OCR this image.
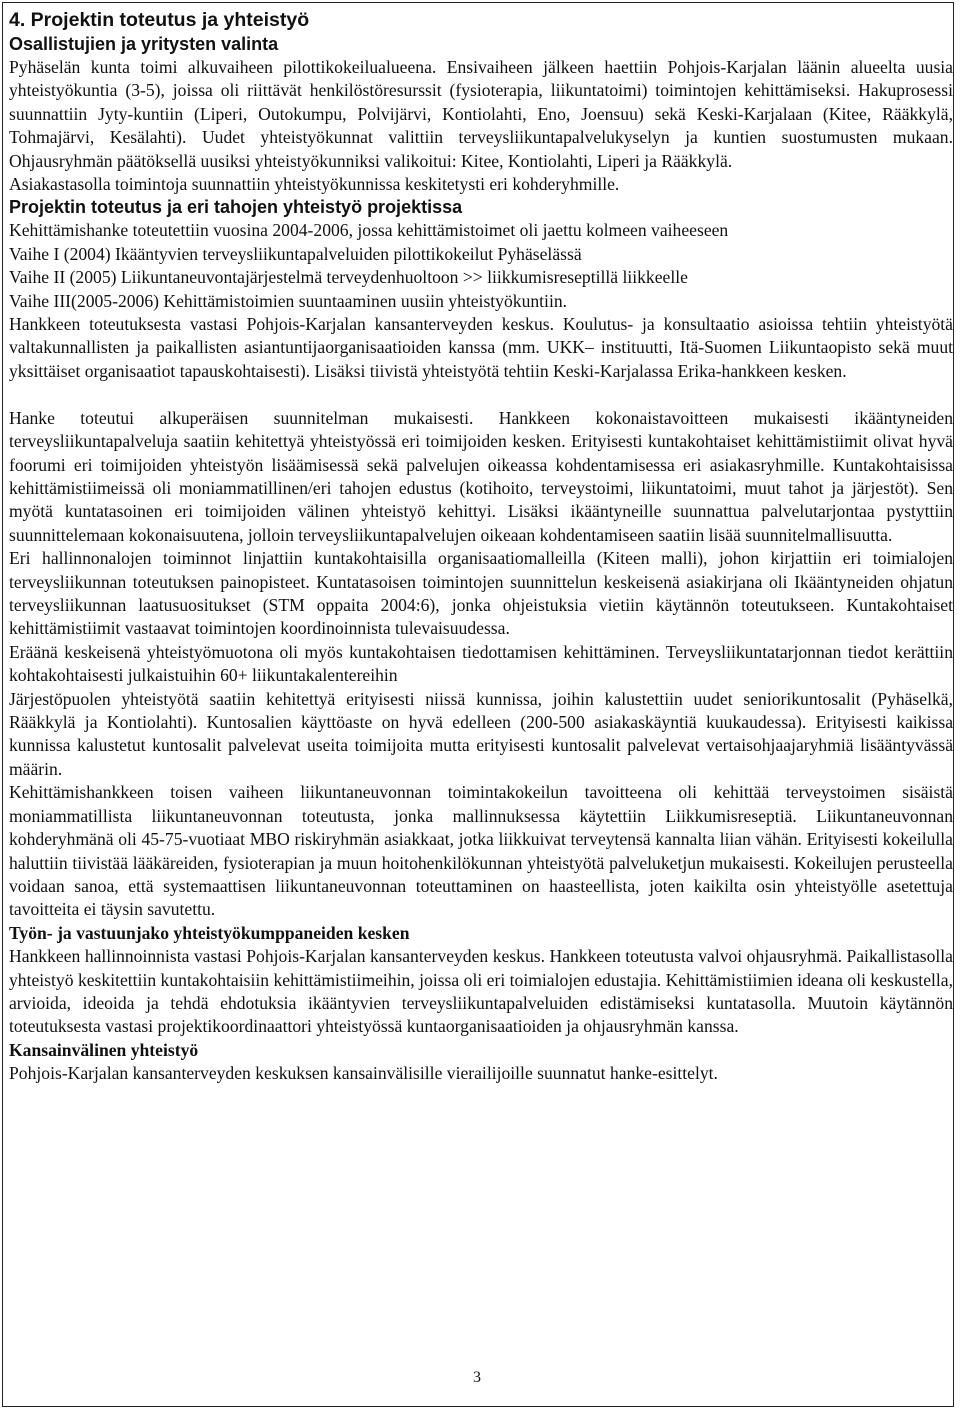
4. Projektin toteutus ja yhteistyö

Osallistujien ja yritysten valinta

Pyhäselän kunta toimi alkuvaiheen pilottikokeilualueena. Ensivaiheen jälkeen haettiin Pohjois-Karjalan läänin alueelta uusia yhteistyökuntia (3-5), joissa oli riittävät henkilöstöresurssit (fysioterapia, liikuntatoimi) toimintojen kehittämiseksi. Hakuprosessi suunnattiin Jyty-kuntiin (Liperi, Outokumpu, Polvijärvi, Kontiolahti, Eno, Joensuu) sekä Keski-Karjalaan (Kitee, Rääkkylä, Tohmajärvi, Kesälahti). Uudet yhteistyökunnat valittiin terveysliikuntapalvelukyselyn ja kuntien suostumusten mukaan. Ohjausryhmän päätöksellä uusiksi yhteistyökunniksi valikoitui: Kitee, Kontiolahti, Liperi ja Rääkkylä.

Asiakastasolla toimintoja suunnattiin yhteistyökunnissa keskitetysti eri kohderyhmille.

Projektin toteutus ja eri tahojen yhteistyö projektissa

Kehittämishanke toteutettiin vuosina 2004-2006, jossa kehittämistoimet oli jaettu kolmeen vaiheeseen

Vaihe I (2004) Ikääntyvien terveysliikuntapalveluiden pilottikokeilut Pyhäselässä

Vaihe II (2005) Liikuntaneuvontajärjestelmä terveydenhuoltoon >> liikkumisreseptillä liikkeelle

Vaihe III(2005-2006) Kehittämistoimien suuntaaminen uusiin yhteistyökuntiin.

Hankkeen toteutuksesta vastasi Pohjois-Karjalan kansanterveyden keskus. Koulutus- ja konsultaatio asioissa tehtiin yhteistyötä valtakunnallisten ja paikallisten asiantuntijaorganisaatioiden kanssa (mm. UKK– instituutti, Itä-Suomen Liikuntaopisto sekä muut yksittäiset organisaatiot tapauskohtaisesti). Lisäksi tiivistä yhteistyötä tehtiin Keski-Karjalassa Erika-hankkeen kesken.

Hanke toteutui alkuperäisen suunnitelman mukaisesti. Hankkeen kokonaistavoitteen mukaisesti ikääntyneiden terveysliikuntapalveluja saatiin kehitettyä yhteistyössä eri toimijoiden kesken. Erityisesti kuntakohtaiset kehittämistiimit olivat hyvä foorumi eri toimijoiden yhteistyön lisäämisessä sekä palvelujen oikeassa kohdentamisessa eri asiakasryhmille. Kuntakohtaisissa kehittämistiimeissä oli moniammatillinen/eri tahojen edustus (kotihoito, terveystoimi, liikuntatoimi, muut tahot ja järjestöt). Sen myötä kuntatasoinen eri toimijoiden välinen yhteistyö kehittyi. Lisäksi ikääntyneille suunnattua palvelutarjontaa pystyttiin suunnittelemaan kokonaisuutena, jolloin terveysliikuntapalvelujen oikeaan kohdentamiseen saatiin lisää suunnitelmallisuutta.

Eri hallinnonalojen toiminnot linjattiin kuntakohtaisilla organisaatiomalleilla (Kiteen malli), johon kirjattiin eri toimialojen terveysliikunnan toteutuksen painopisteet. Kuntatasoisen toimintojen suunnittelun keskeisenä asiakirjana oli Ikääntyneiden ohjatun terveysliikunnan laatusuositukset (STM oppaita 2004:6), jonka ohjeistuksia vietiin käytännön toteutukseen. Kuntakohtaiset kehittämistiimit vastaavat toimintojen koordinoinnista tulevaisuudessa.

Eräänä keskeisenä yhteistyömuotona oli myös kuntakohtaisen tiedottamisen kehittäminen. Terveysliikuntatarjonnan tiedot kerättiin kohtakohtaisesti julkaistuihin 60+ liikuntakalentereihin

Järjestöpuolen yhteistyötä saatiin kehitettyä erityisesti niissä kunnissa, joihin kalustettiin uudet seniorikuntosalit (Pyhäselkä, Rääkkylä ja Kontiolahti). Kuntosalien käyttöaste on hyvä edelleen (200-500 asiakaskäyntiä kuukaudessa). Erityisesti kaikissa kunnissa kalustetut kuntosalit palvelevat useita toimijoita mutta erityisesti kuntosalit palvelevat vertaisohjaajaryhmiä lisääntyvässä määrin.

Kehittämishankkeen toisen vaiheen liikuntaneuvonnan toimintakokeilun tavoitteena oli kehittää terveystoimen sisäistä moniammatillista liikuntaneuvonnan toteutusta, jonka mallinnuksessa käytettiin Liikkumisreseptiä. Liikuntaneuvonnan kohderyhmänä oli 45-75-vuotiaat MBO riskiryhmän asiakkaat, jotka liikkuivat terveytensä kannalta liian vähän. Erityisesti kokeilulla haluttiin tiivistää lääkäreiden, fysioterapian ja muun hoitohenkilökunnan yhteistyötä palveluketjun mukaisesti. Kokeilujen perusteella voidaan sanoa, että systemaattisen liikuntaneuvonnan toteuttaminen on haasteellista, joten kaikilta osin yhteistyölle asetettuja tavoitteita ei täysin savutettu.

Työn- ja vastuunjako yhteistyökumppaneiden kesken

Hankkeen hallinnoinnista vastasi Pohjois-Karjalan kansanterveyden keskus. Hankkeen toteutusta valvoi ohjausryhmä. Paikallistasolla yhteistyö keskitettiin kuntakohtaisiin kehittämistiimeihin, joissa oli eri toimialojen edustajia. Kehittämistiimien ideana oli keskustella, arvioida, ideoida ja tehdä ehdotuksia ikääntyvien terveysliikuntapalveluiden edistämiseksi kuntatasolla. Muutoin käytännön toteutuksesta vastasi projektikoordinaattori yhteistyössä kuntaorganisaatioiden ja ohjausryhmän kanssa.

Kansainvälinen yhteistyö

Pohjois-Karjalan kansanterveyden keskuksen kansainvälisille vierailijoille suunnatut hanke-esittelyt.

3
